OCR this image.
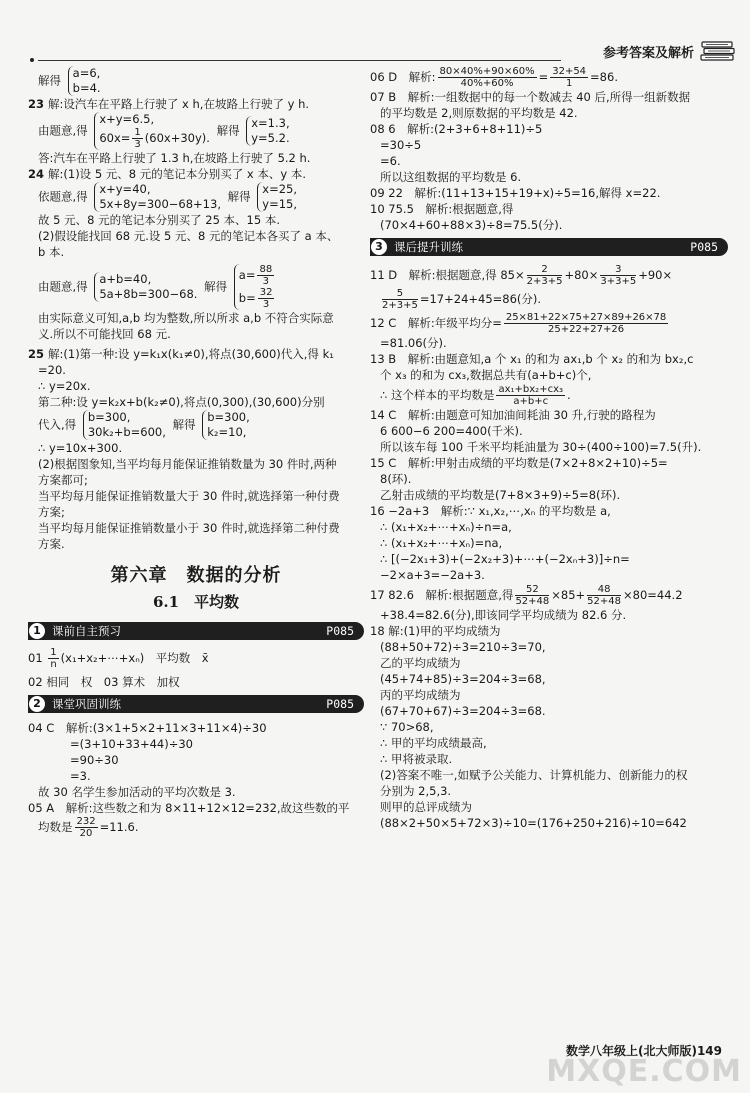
参考答案及解析
解得 a=6,
b=4.
23 解:设汽车在平路上行驶了 x h,在坡路上行驶了 y h.
由题意,得 x+y=6.5,
$60x= \frac{1}{3} (60x+30y)$. 解得 x=1.3,
y=5.2.
答:汽车在平路上行驶了 1.3 h,在坡路上行驶了 5.2 h.
24 解:(1)设 5 元、8 元的笔记本分别买了 x 本、y 本.
依题意,得 x+y=40,
5x+8y=300−68+13, 解得 x=25,
y=15,
故 5 元、8 元的笔记本分别买了 25 本、15 本.
(2)假设能找回 68 元.设 5 元、8 元的笔记本各买了 a 本、
b 本.
由题意,得 a+b=40,
5a+8b=300−68. 解得 $a= \frac{88}{3}$

$b= \frac{32}{3}$
由实际意义可知,a,b 均为整数,所以所求 a,b 不符合实际意
义.所以不可能找回 68 元.
25 解:(1)第一种:设 y=k₁x(k₁≠0),将点(30,600)代入,得 k₁
=20.
∴ y=20x.
第二种:设 y=k₂x+b(k₂≠0),将点(0,300),(30,600)分别
代入,得 b=300,
30k₂+b=600, 解得 b=300,
k₂=10,
∴ y=10x+300.
(2)根据图象知,当平均每月能保证推销数量为 30 件时,两种
方案都可;
当平均每月能保证推销数量大于 30 件时,就选择第一种付费
方案;
当平均每月能保证推销数量小于 30 件时,就选择第二种付费
方案.
第六章　数据的分析
6.1　平均数
1 课前自主预习	P085
$01 \frac{1}{n}$ (x₁+x₂+⋯+xₙ)　平均数　x̄
02 相同　权　03 算术　加权
2 课堂巩固训练	P085
04 C　解析:(3×1+5×2+11×3+11×4)÷30
=(3+10+33+44)÷30
=90÷30
=3.
故 30 名学生参加活动的平均次数是 3.
05 A　解析:这些数之和为 8×11+12×12=232,故这些数的平
均数是 $\frac{232}{20} =11.6$.
06 D　解析: $\frac{80\times 40\%+90\times 60\%}{40\%+60\%} = \frac{32+54}{1} =86$.
07 B　解析:一组数据中的每一个数减去 40 后,所得一组新数据
的平均数是 2,则原数据的平均数是 42.
08 6　解析:(2+3+6+8+11)÷5
=30÷5
=6.
所以这组数据的平均数是 6.
09 22　解析:(11+13+15+19+x)÷5=16,解得 x=22.
10 75.5　解析:根据题意,得
(70×4+60+88×3)÷8=75.5(分).
3 课后提升训练	P085
11 D　解析:根据题意,得 $85\times \frac{2}{2+3+5} +80\times \frac{3}{3+3+5} +90\times$
$\frac{5}{2+3+5} =17+24+45=86$(分).
12 C　解析:年级平均分= $\frac{25\times 81+22\times 75+27\times 89+26\times 78}{25+22+27+26}$
=81.06(分).
13 B　解析:由题意知,a 个 x₁ 的和为 ax₁,b 个 x₂ 的和为 bx₂,c
个 x₃ 的和为 cx₃,数据总共有(a+b+c)个,
∴ 这个样本的平均数是 $\frac{\text{ax₁+bx₂+cx₃}}{a+b+c}$ .
14 C　解析:由题意可知加油间耗油 30 升,行驶的路程为
6 600−6 200=400(千米).
所以该车每 100 千米平均耗油量为 30÷(400÷100)=7.5(升).
15 C　解析:甲射击成绩的平均数是(7×2+8×2+10)÷5=
8(环).
乙射击成绩的平均数是(7+8×3+9)÷5=8(环).
16 −2a+3　解析:∵ x₁,x₂,⋯,xₙ 的平均数是 a,
∴ (x₁+x₂+⋯+xₙ)÷n=a,
∴ (x₁+x₂+⋯+xₙ)=na,
∴ [(−2x₁+3)+(−2x₂+3)+⋯+(−2xₙ+3)]÷n=
−2×a+3=−2a+3.
17 82.6　解析:根据题意,得 $\frac{52}{52+48} \times 85+ \frac{48}{52+48} \times 80=44.2$
+38.4=82.6(分),即该同学平均成绩为 82.6 分.
18 解:(1)甲的平均成绩为
(88+50+72)÷3=210÷3=70,
乙的平均成绩为
(45+74+85)÷3=204÷3=68,
丙的平均成绩为
(67+70+67)÷3=204÷3=68.
∵ 70>68,
∴ 甲的平均成绩最高,
∴ 甲将被录取.
(2)答案不唯一,如赋予公关能力、计算机能力、创新能力的权
分别为 2,5,3.
则甲的总评成绩为
(88×2+50×5+72×3)÷10=(176+250+216)÷10=642
数学八年级上(北大师版)149
MXQE.COM
